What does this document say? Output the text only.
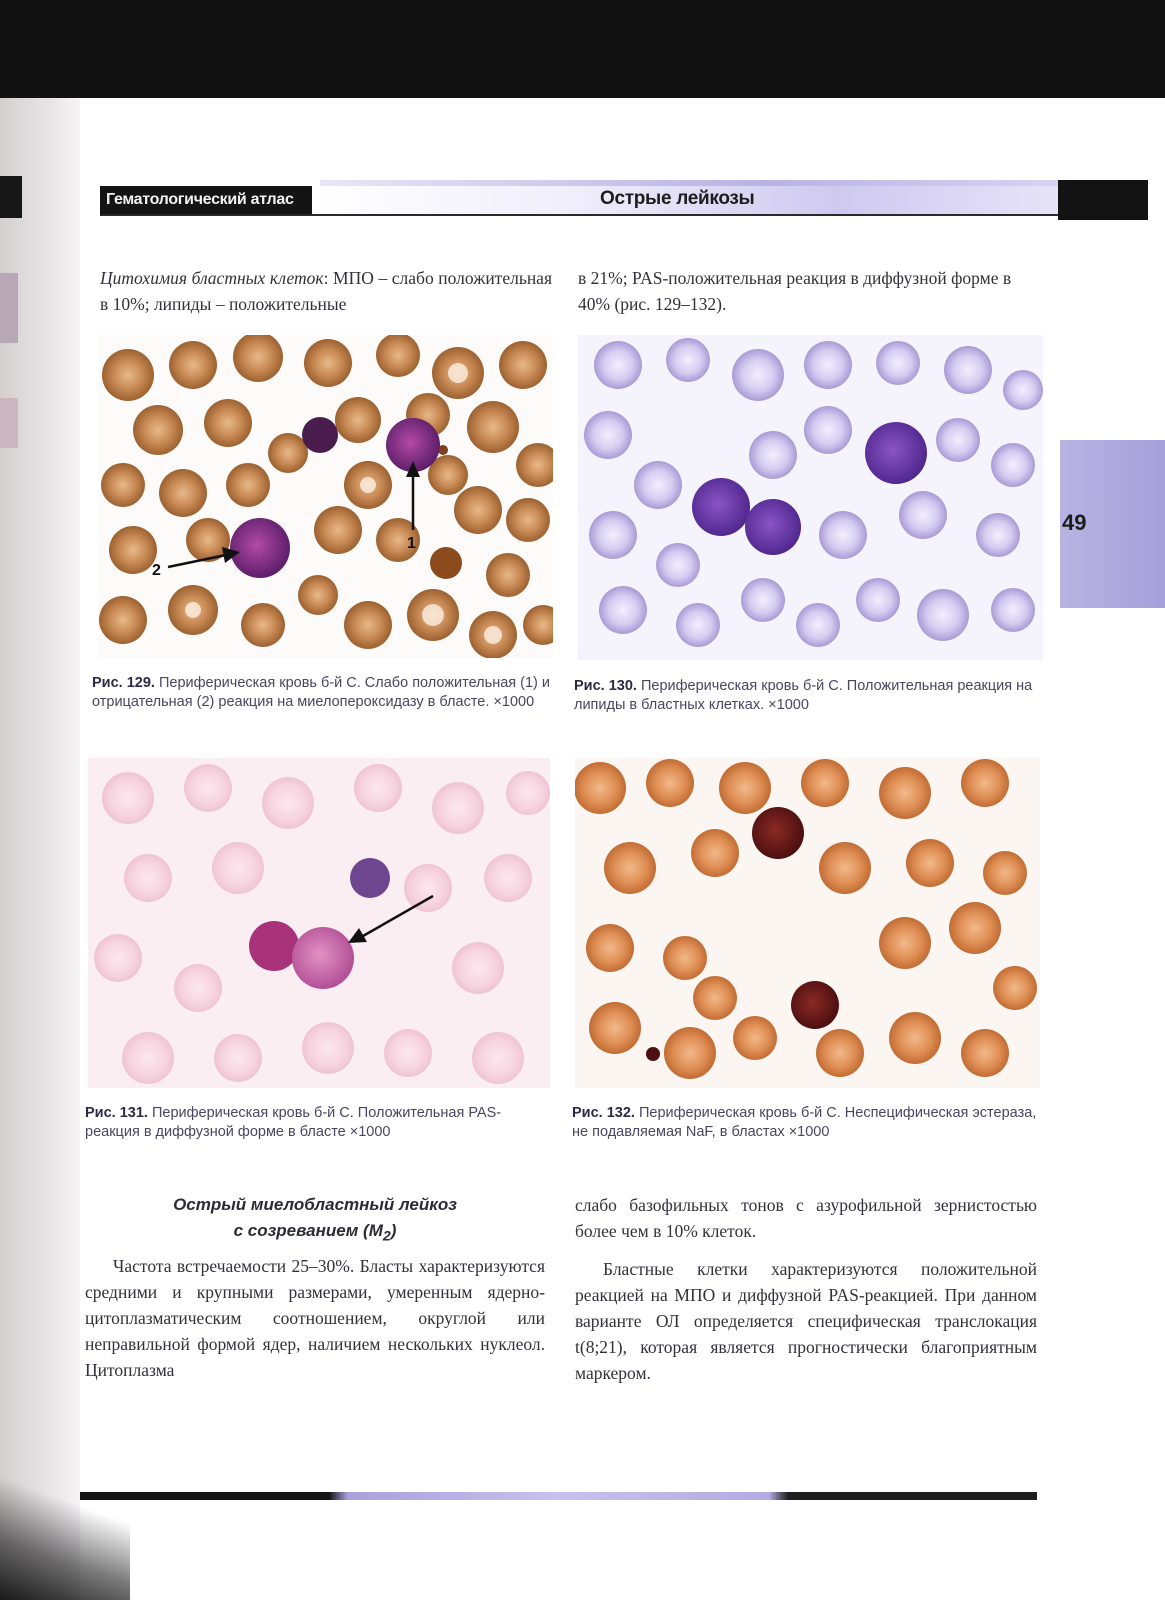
Гематологический атлас	Острые лейкозы
49
Цитохимия бластных клеток: МПО – слабо положительная в 10%; липиды – положительные
в 21%; PAS-положительная реакция в диффузной форме в 40% (рис. 129–132).
1
2
Рис. 129. Периферическая кровь б-й С. Слабо положительная (1) и отрицательная (2) реакция на миелопероксидазу в бласте. ×1000
Рис. 130. Периферическая кровь б-й С. Положительная реакция на липиды в бластных клетках. ×1000
Рис. 131. Периферическая кровь б-й С. Положительная PAS-реакция в диффузной форме в бласте ×1000
Рис. 132. Периферическая кровь б-й С. Неспецифическая эстераза, не подавляемая NaF, в бластах ×1000
Острый миелобластный лейкоз
с созреванием $(M_2)$

Частота встречаемости 25–30%. Бласты характеризуются средними и крупными размерами, умеренным ядерно-цитоплазматическим соотношением, округлой или неправильной формой ядер, наличием нескольких нуклеол. Цитоплазма

слабо базофильных тонов с азурофильной зернистостью более чем в 10% клеток.

Бластные клетки характеризуются положительной реакцией на МПО и диффузной PAS-реакцией. При данном варианте ОЛ определяется специфическая транслокация t(8;21), которая является прогностически благоприятным маркером.
